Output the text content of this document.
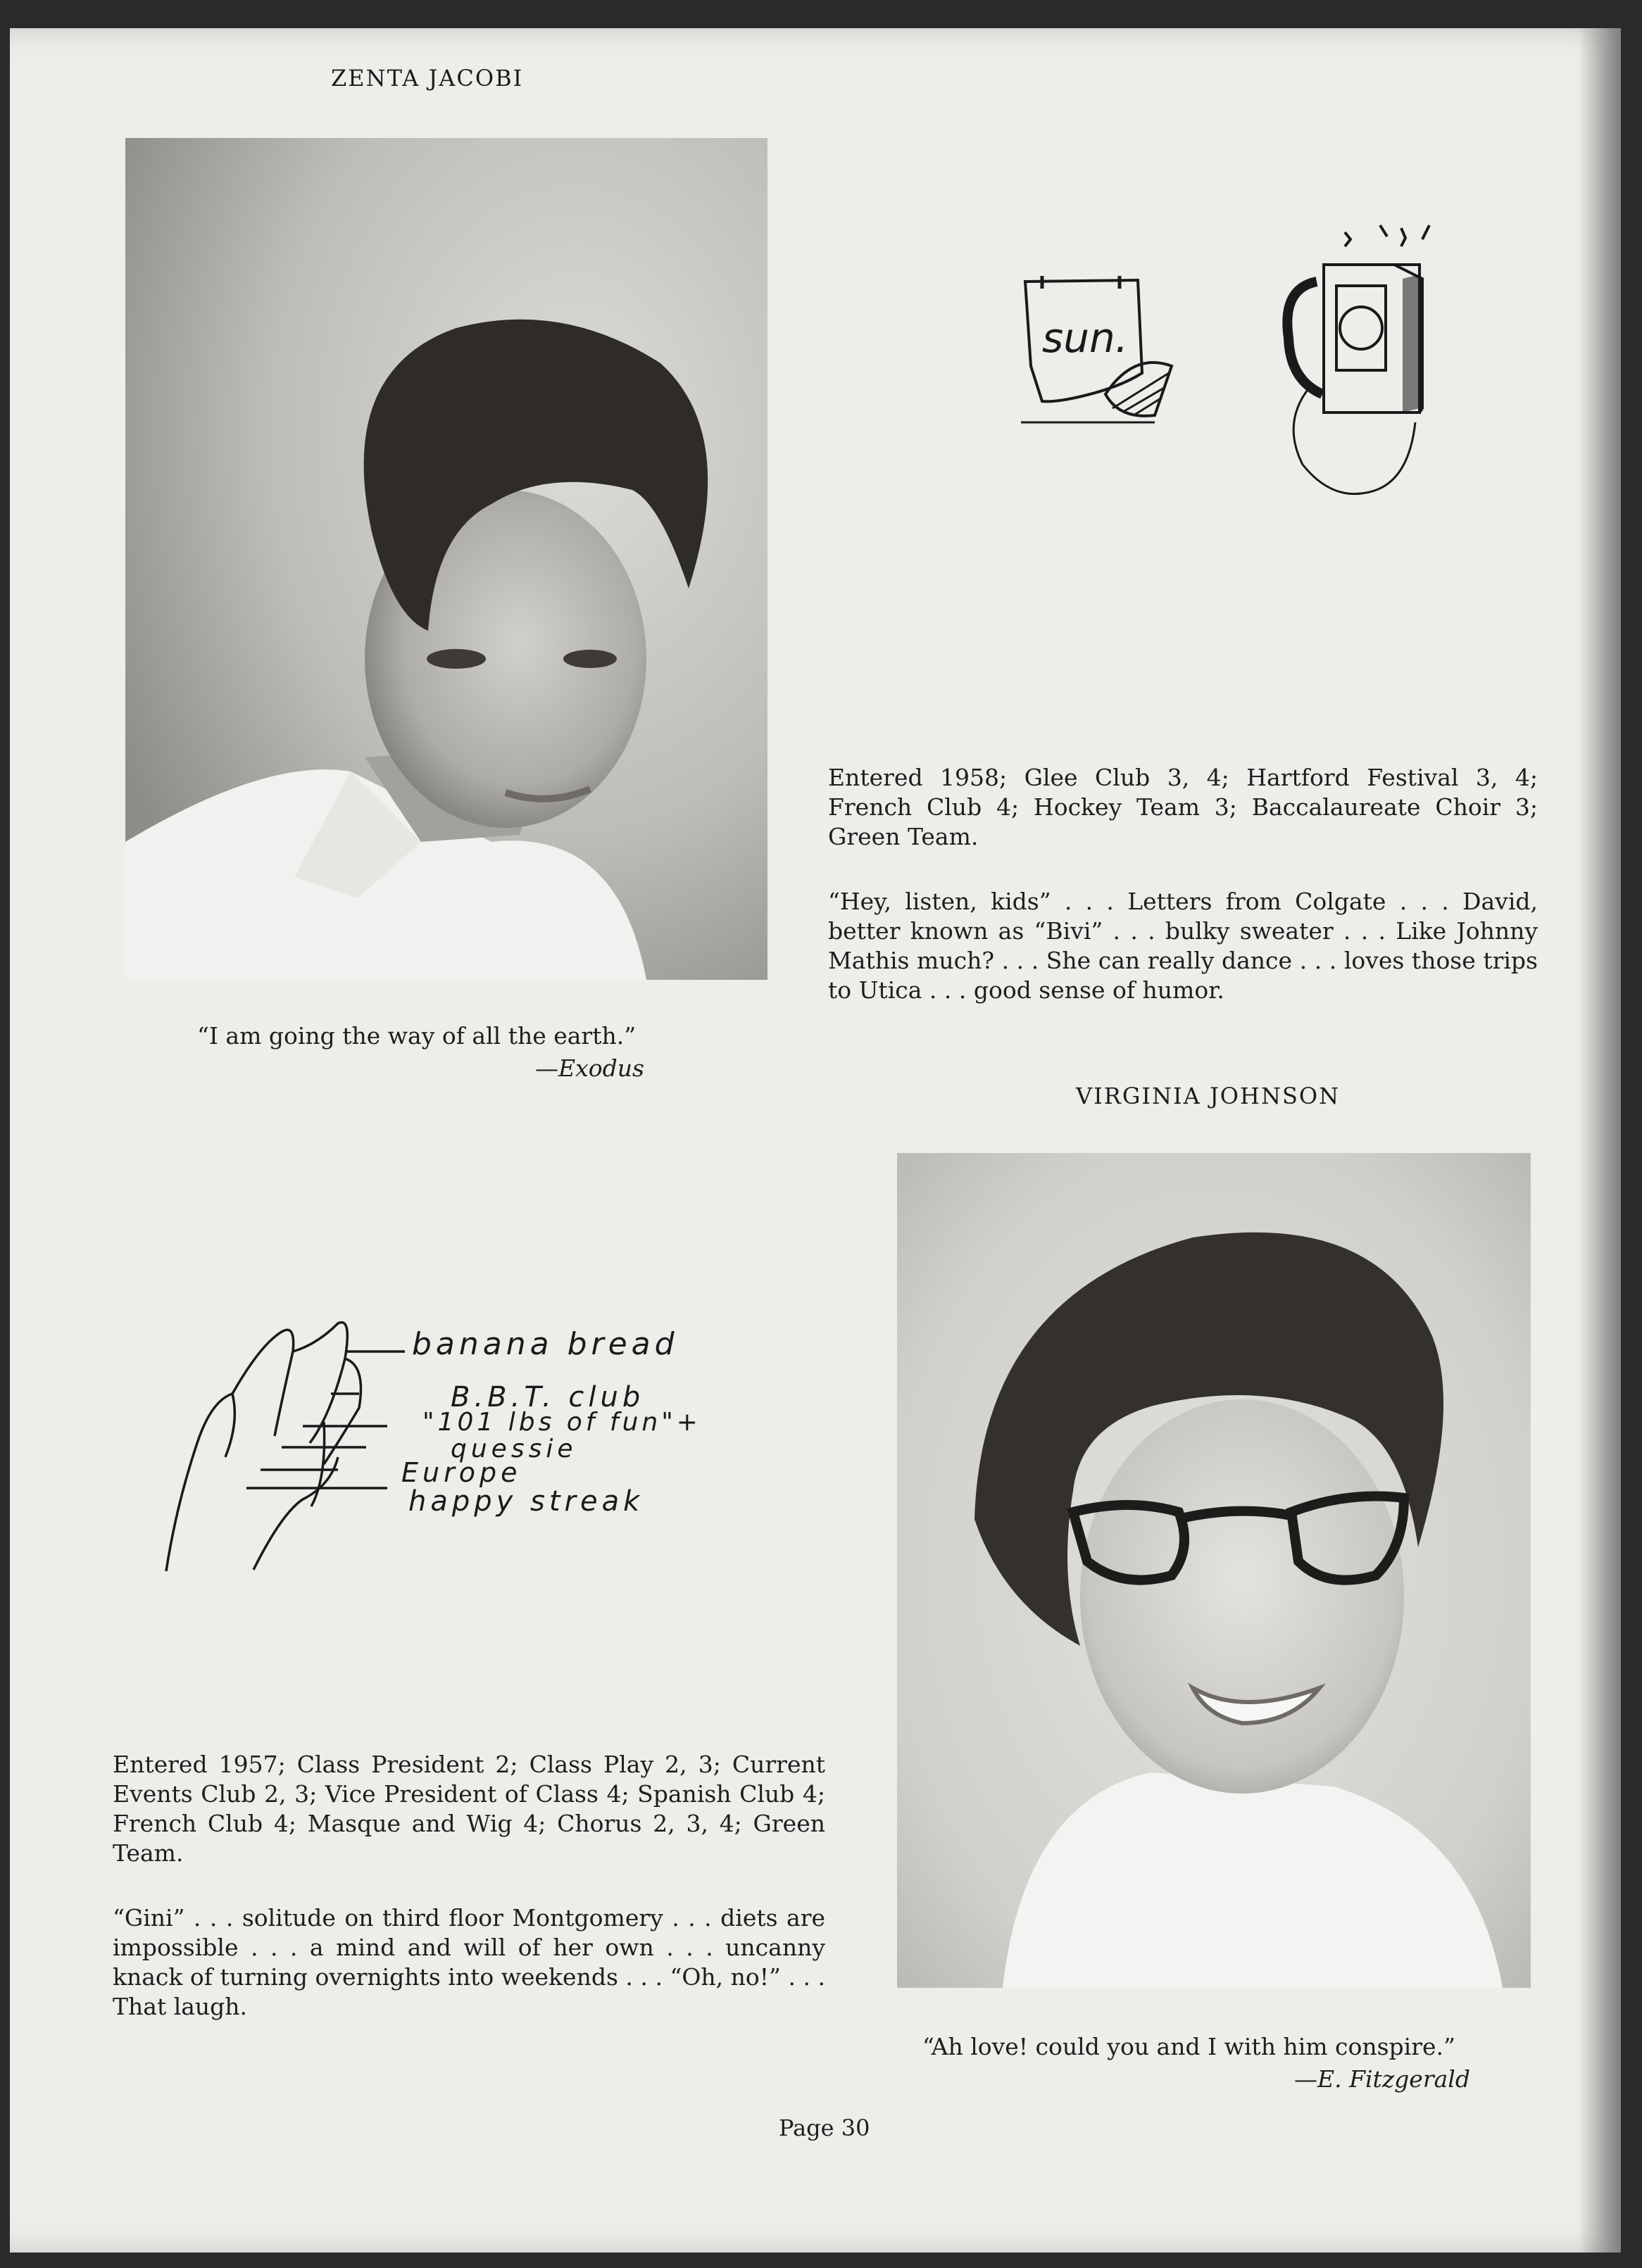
ZENTA JACOBI
“I am going the way of all the earth.”
—Exodus
sun.
Entered 1958; Glee Club 3, 4; Hartford Festival 3, 4; French Club 4; Hockey Team 3; Baccalaureate Choir 3; Green Team.
“Hey, listen, kids” . . . Letters from Colgate . . . David, better known as “Bivi” . . . bulky sweater . . . Like Johnny Mathis much? . . . She can really dance . . . loves those trips to Utica . . . good sense of humor.
VIRGINIA JOHNSON
banana bread
B.B.T. club
"101 lbs of fun"+
quessie
Europe
happy streak
Entered 1957; Class President 2; Class Play 2, 3; Current Events Club 2, 3; Vice President of Class 4; Spanish Club 4; French Club 4; Masque and Wig 4; Chorus 2, 3, 4; Green Team.
“Gini” . . . solitude on third floor Montgomery . . . diets are impossible . . . a mind and will of her own . . . uncanny knack of turning overnights into weekends . . . “Oh, no!” . . . That laugh.
“Ah love! could you and I with him conspire.”
—E. Fitzgerald
Page 30
